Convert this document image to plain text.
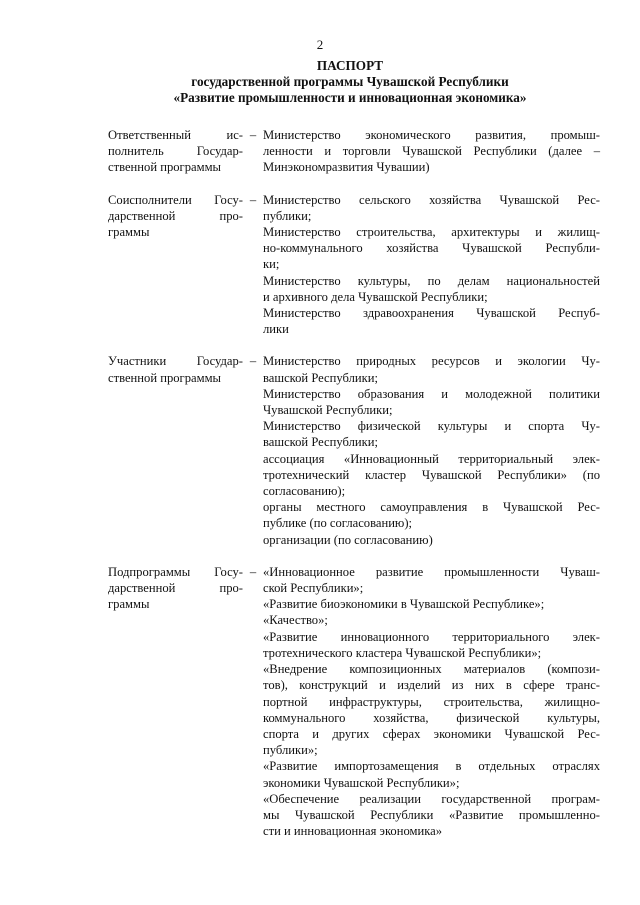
2
ПАСПОРТ
государственной программы Чувашской Республики
«Развитие промышленности и инновационная экономика»
Ответственный ис-
полнитель Государ-
ственной программы
– Министерство экономического развития, промыш-
ленности и торговли Чувашской Республики (далее –
Минэкономразвития Чувашии)
Соисполнители Госу-
дарственной про-
граммы
– Министерство сельского хозяйства Чувашской Рес-
публики;
Министерство строительства, архитектуры и жилищ-
но-коммунального хозяйства Чувашской Республи-
ки;
Министерство культуры, по делам национальностей
и архивного дела Чувашской Республики;
Министерство здравоохранения Чувашской Респуб-
лики
Участники Государ-
ственной программы
– Министерство природных ресурсов и экологии Чу-
вашской Республики;
Министерство образования и молодежной политики
Чувашской Республики;
Министерство физической культуры и спорта Чу-
вашской Республики;
ассоциация «Инновационный территориальный элек-
тротехнический кластер Чувашской Республики» (по
согласованию);
органы местного самоуправления в Чувашской Рес-
публике (по согласованию);
организации (по согласованию)
Подпрограммы Госу-
дарственной про-
граммы
– «Инновационное развитие промышленности Чуваш-
ской Республики»;
«Развитие биоэкономики в Чувашской Республике»;
«Качество»;
«Развитие инновационного территориального элек-
тротехнического кластера Чувашской Республики»;
«Внедрение композиционных материалов (компози-
тов), конструкций и изделий из них в сфере транс-
портной инфраструктуры, строительства, жилищно-
коммунального хозяйства, физической культуры,
спорта и других сферах экономики Чувашской Рес-
публики»;
«Развитие импортозамещения в отдельных отраслях
экономики Чувашской Республики»;
«Обеспечение реализации государственной програм-
мы Чувашской Республики «Развитие промышленно-
сти и инновационная экономика»
